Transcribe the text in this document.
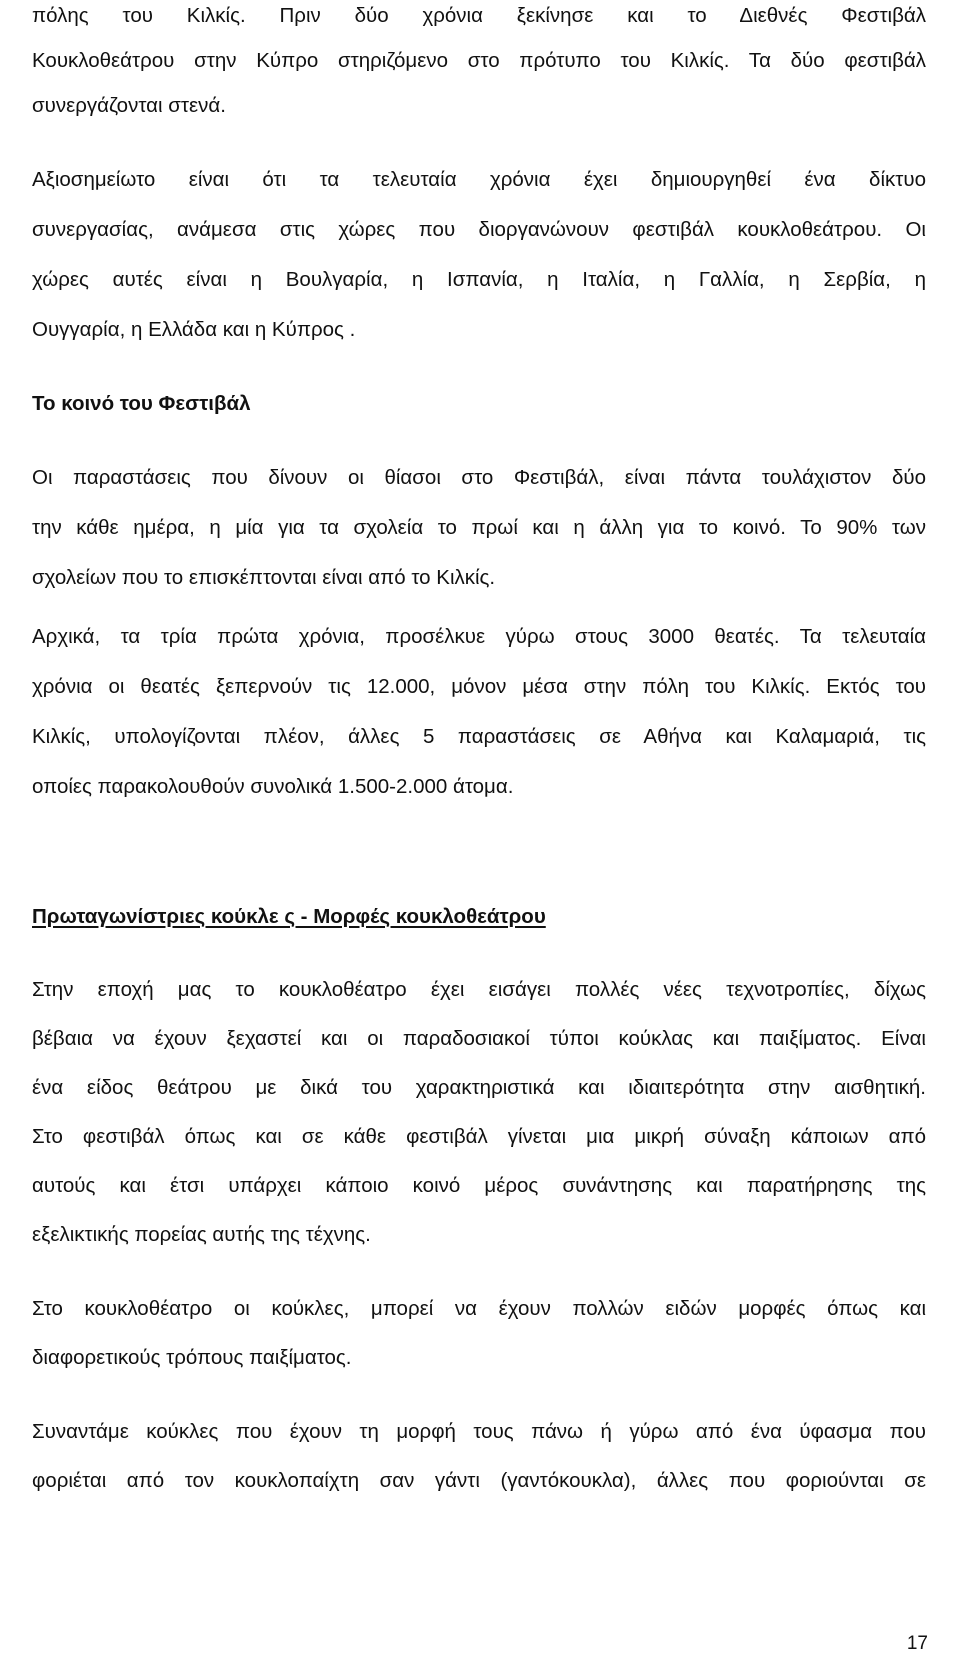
πόλης του Κιλκίς. Πριν δύο χρόνια ξεκίνησε και το Διεθνές Φεστιβάλ
Κουκλοθεάτρου στην Κύπρο στηριζόμενο στο πρότυπο του Κιλκίς. Τα δύο φεστιβάλ
συνεργάζονται στενά.
Αξιοσημείωτο είναι ότι τα τελευταία χρόνια έχει δημιουργηθεί ένα δίκτυο
συνεργασίας, ανάμεσα στις χώρες που διοργανώνουν φεστιβάλ κουκλοθεάτρου. Οι
χώρες αυτές είναι η Βουλγαρία, η Ισπανία, η Ιταλία, η Γαλλία, η Σερβία, η
Ουγγαρία, η Ελλάδα και η Κύπρος .
Το κοινό του Φεστιβάλ
Οι παραστάσεις που δίνουν οι θίασοι στο Φεστιβάλ, είναι πάντα τουλάχιστον δύο
την κάθε ημέρα, η μία για τα σχολεία το πρωί και η άλλη για το κοινό. Το 90% των
σχολείων που το επισκέπτονται είναι από το Κιλκίς.
Αρχικά, τα τρία πρώτα χρόνια, προσέλκυε γύρω στους 3000 θεατές. Τα τελευταία
χρόνια οι θεατές ξεπερνούν τις 12.000, μόνον μέσα στην πόλη του Κιλκίς. Εκτός του
Κιλκίς, υπολογίζονται πλέον, άλλες 5 παραστάσεις σε Αθήνα και Καλαμαριά, τις
οποίες παρακολουθούν συνολικά 1.500-2.000 άτομα.
Πρωταγωνίστριες κούκλε ς - Μορφές κουκλοθεάτρου
Στην εποχή μας το κουκλοθέατρο έχει εισάγει πολλές νέες τεχνοτροπίες, δίχως
βέβαια να έχουν ξεχαστεί και οι παραδοσιακοί τύποι κούκλας και παιξίματος. Είναι
ένα είδος θεάτρου με δικά του χαρακτηριστικά και ιδιαιτερότητα στην αισθητική.
Στο φεστιβάλ όπως και σε κάθε φεστιβάλ γίνεται μια μικρή σύναξη κάποιων από
αυτούς και έτσι υπάρχει κάποιο κοινό μέρος συνάντησης και παρατήρησης της
εξελικτικής πορείας αυτής της τέχνης.
Στο κουκλοθέατρο οι κούκλες, μπορεί να έχουν πολλών ειδών μορφές όπως και
διαφορετικούς τρόπους παιξίματος.
Συναντάμε κούκλες που έχουν τη μορφή τους πάνω ή γύρω από ένα ύφασμα που
φοριέται από τον κουκλοπαίχτη σαν γάντι (γαντόκουκλα), άλλες που φοριούνται σε
17
